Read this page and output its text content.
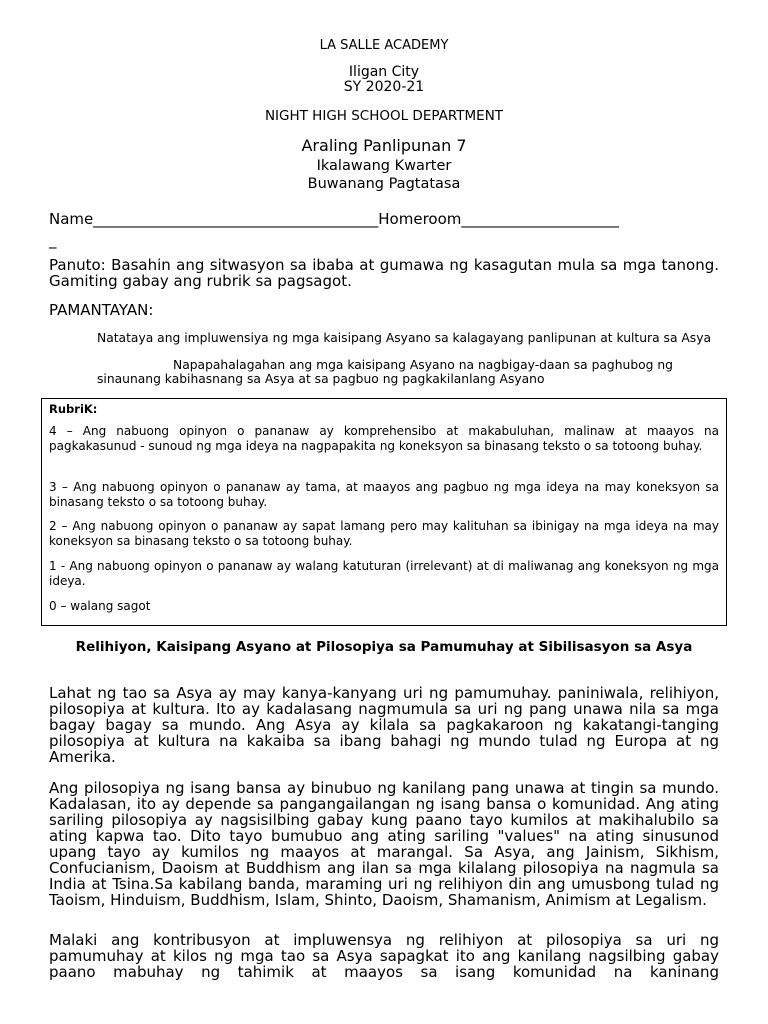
LA SALLE ACADEMY
Iligan City
SY 2020-21
NIGHT HIGH SCHOOL DEPARTMENT
Araling Panlipunan 7
Ikalawang Kwarter
Buwanang Pagtatasa
Name______________________________________Homeroom_____________________
_
Panuto: Basahin ang sitwasyon sa ibaba at gumawa ng kasagutan mula sa mga tanong. Gamiting gabay ang rubrik sa pagsagot.
PAMANTAYAN:
Natataya ang impluwensiya ng mga kaisipang Asyano sa kalagayang panlipunan at kultura sa Asya
Napapahalagahan ang mga kaisipang Asyano na nagbigay-daan sa paghubog ng sinaunang kabihasnang sa Asya at sa pagbuo ng pagkakilanlang Asyano
RubriK:
4 – Ang nabuong opinyon o pananaw ay komprehensibo at makabuluhan, malinaw at maayos na pagkakasunud - sunoud ng mga ideya na nagpapakita ng koneksyon sa binasang teksto o sa totoong buhay.
3 – Ang nabuong opinyon o pananaw ay tama, at maayos ang pagbuo ng mga ideya na may koneksyon sa binasang teksto o sa totoong buhay.
2 – Ang nabuong opinyon o pananaw ay sapat lamang pero may kalituhan sa ibinigay na mga ideya na may koneksyon sa binasang teksto o sa totoong buhay.
1 - Ang nabuong opinyon o pananaw ay walang katuturan (irrelevant) at di maliwanag ang koneksyon ng mga ideya.
0 – walang sagot
Relihiyon, Kaisipang Asyano at Pilosopiya sa Pamumuhay at Sibilisasyon sa Asya
Lahat ng tao sa Asya ay may kanya-kanyang uri ng pamumuhay. paniniwala, relihiyon, pilosopiya at kultura. Ito ay kadalasang nagmumula sa uri ng pang unawa nila sa mga bagay bagay sa mundo. Ang Asya ay kilala sa pagkakaroon ng kakatangi-tanging pilosopiya at kultura na kakaiba sa ibang bahagi ng mundo tulad ng Europa at ng Amerika.
Ang pilosopiya ng isang bansa ay binubuo ng kanilang pang unawa at tingin sa mundo. Kadalasan, ito ay depende sa pangangailangan ng isang bansa o komunidad. Ang ating sariling pilosopiya ay nagsisilbing gabay kung paano tayo kumilos at makihalubilo sa ating kapwa tao. Dito tayo bumubuo ang ating sariling "values" na ating sinusunod upang tayo ay kumilos ng maayos at marangal. Sa Asya, ang Jainism, Sikhism, Confucianism, Daoism at Buddhism ang ilan sa mga kilalang pilosopiya na nagmula sa India at Tsina.Sa kabilang banda, maraming uri ng relihiyon din ang umusbong tulad ng Taoism, Hinduism, Buddhism, Islam, Shinto, Daoism, Shamanism, Animism at Legalism.
Malaki ang kontribusyon at impluwensya ng relihiyon at pilosopiya sa uri ng pamumuhay at kilos ng mga tao sa Asya sapagkat ito ang kanilang nagsilbing gabay paano mabuhay ng tahimik at maayos sa isang komunidad na kaninang
